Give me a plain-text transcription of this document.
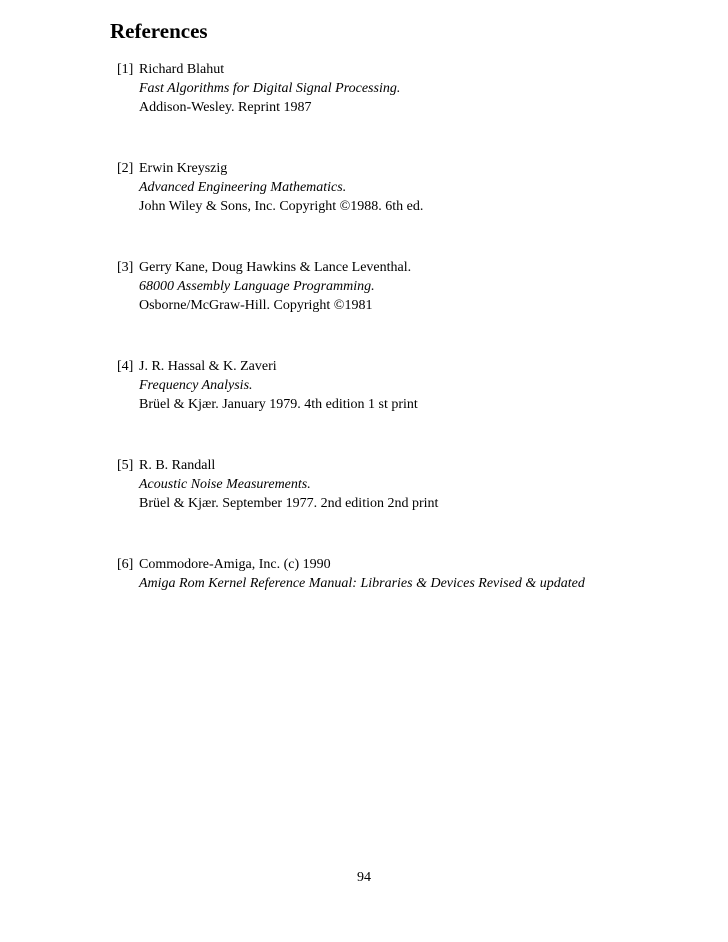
References
[1] Richard Blahut
Fast Algorithms for Digital Signal Processing.
Addison-Wesley. Reprint 1987
[2] Erwin Kreyszig
Advanced Engineering Mathematics.
John Wiley & Sons, Inc. Copyright ©1988. 6th ed.
[3] Gerry Kane, Doug Hawkins & Lance Leventhal.
68000 Assembly Language Programming.
Osborne/McGraw-Hill. Copyright ©1981
[4] J. R. Hassal & K. Zaveri
Frequency Analysis.
Brüel & Kjær. January 1979. 4th edition 1 st print
[5] R. B. Randall
Acoustic Noise Measurements.
Brüel & Kjær. September 1977. 2nd edition 2nd print
[6] Commodore-Amiga, Inc. (c) 1990
Amiga Rom Kernel Reference Manual: Libraries & Devices Revised & updated
94
